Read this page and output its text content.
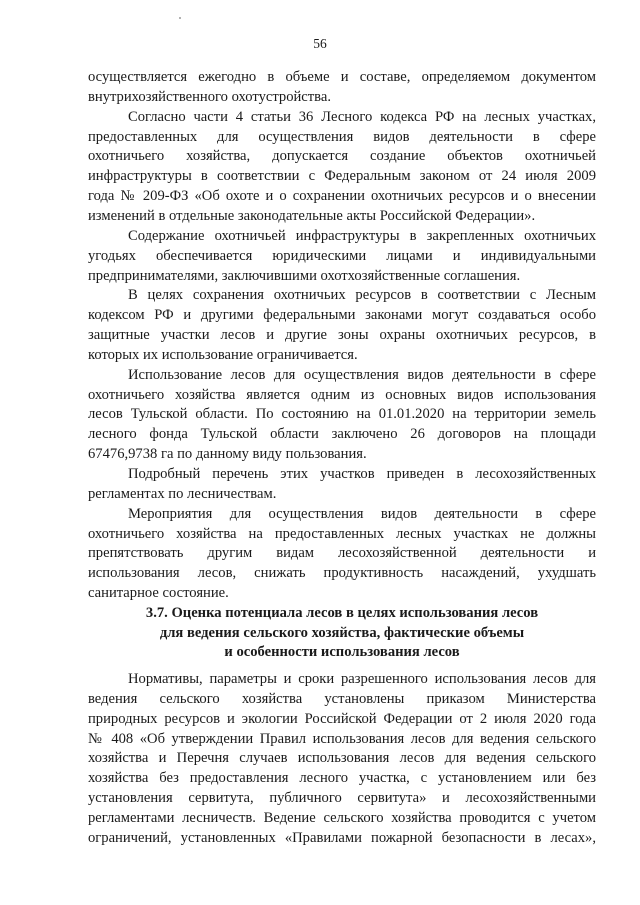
56
осуществляется ежегодно в объеме и составе, определяемом документом
внутрихозяйственного охотустройства.
Согласно части 4 статьи 36 Лесного кодекса РФ на лесных участках,
предоставленных для осуществления видов деятельности в сфере
охотничьего хозяйства, допускается создание объектов охотничьей
инфраструктуры в соответствии с Федеральным законом от 24 июля 2009
года № 209-ФЗ «Об охоте и о сохранении охотничьих ресурсов и о внесении
изменений в отдельные законодательные акты Российской Федерации».
Содержание охотничьей инфраструктуры в закрепленных охотничьих
угодьях обеспечивается юридическими лицами и индивидуальными
предпринимателями, заключившими охотхозяйственные соглашения.
В целях сохранения охотничьих ресурсов в соответствии с Лесным
кодексом РФ и другими федеральными законами могут создаваться особо
защитные участки лесов и другие зоны охраны охотничьих ресурсов, в
которых их использование ограничивается.
Использование лесов для осуществления видов деятельности в сфере
охотничьего хозяйства является одним из основных видов использования
лесов Тульской области. По состоянию на 01.01.2020 на территории земель
лесного фонда Тульской области заключено 26 договоров на площади
67476,9738 га по данному виду пользования.
Подробный перечень этих участков приведен в лесохозяйственных
регламентах по лесничествам.
Мероприятия для осуществления видов деятельности в сфере
охотничьего хозяйства на предоставленных лесных участках не должны
препятствовать другим видам лесохозяйственной деятельности и
использования лесов, снижать продуктивность насаждений, ухудшать
санитарное состояние.
3.7. Оценка потенциала лесов в целях использования лесов
для ведения сельского хозяйства, фактические объемы
и особенности использования лесов
Нормативы, параметры и сроки разрешенного использования лесов для
ведения сельского хозяйства установлены приказом Министерства
природных ресурсов и экологии Российской Федерации от 2 июля 2020 года
№ 408 «Об утверждении Правил использования лесов для ведения сельского
хозяйства и Перечня случаев использования лесов для ведения сельского
хозяйства без предоставления лесного участка, с установлением или без
установления сервитута, публичного сервитута» и лесохозяйственными
регламентами лесничеств. Ведение сельского хозяйства проводится с учетом
ограничений, установленных «Правилами пожарной безопасности в лесах»,
